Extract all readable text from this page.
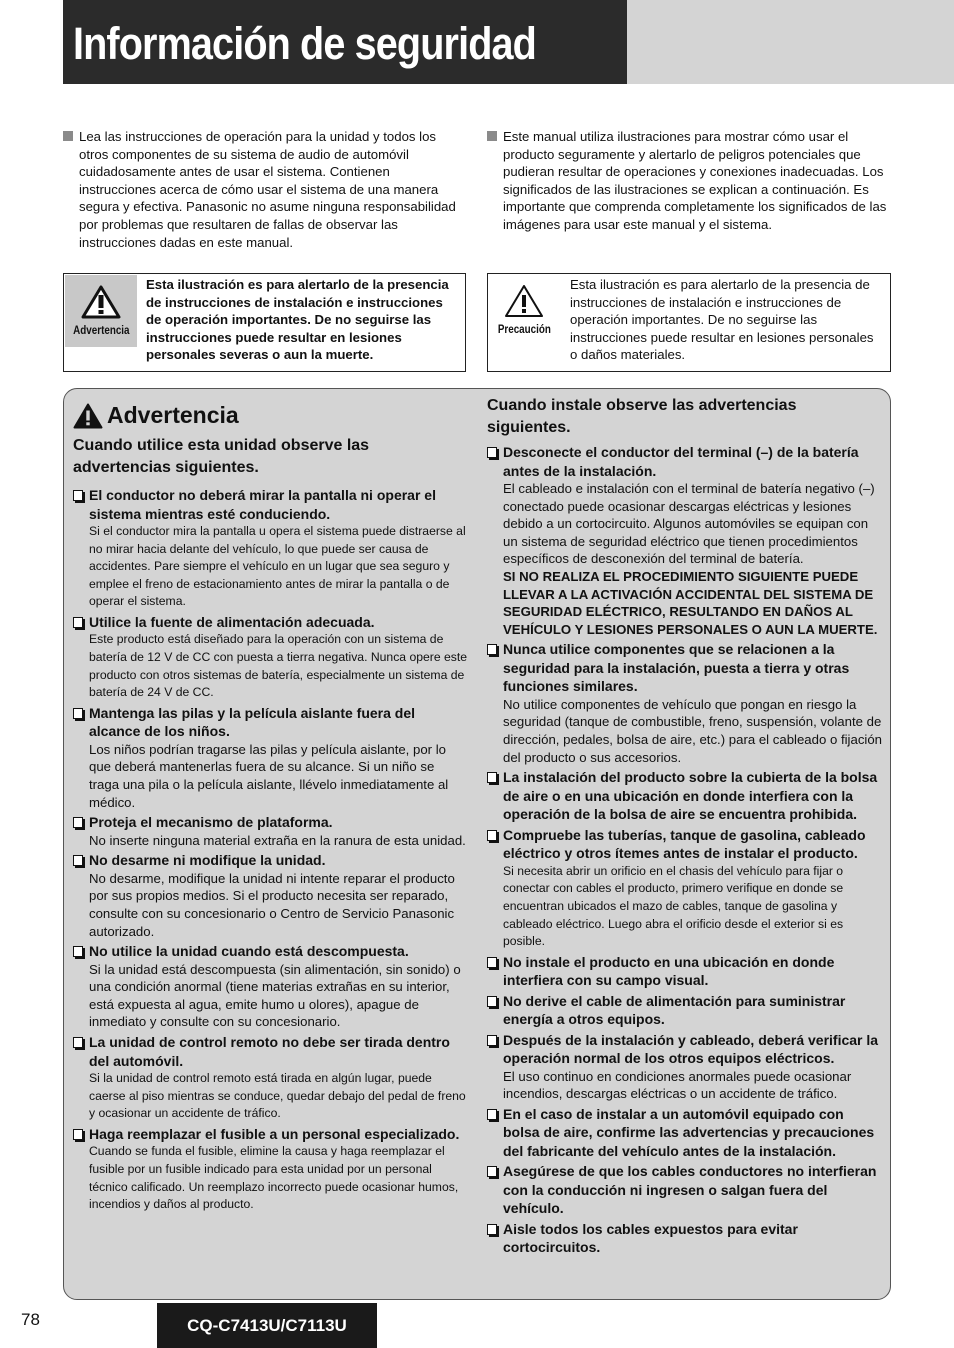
Información de seguridad

Lea las instrucciones de operación para la unidad y todos los otros componentes de su sistema de audio de automóvil cuidadosamente antes de usar el sistema. Contienen instrucciones acerca de cómo usar el sistema de una manera segura y efectiva. Panasonic no asume ninguna responsabilidad por problemas que resultaren de fallas de observar las instrucciones dadas en este manual.

Este manual utiliza ilustraciones para mostrar cómo usar el producto seguramente y alertarlo de peligros potenciales que pudieran resultar de operaciones y conexiones inadecuadas. Los significados de las ilustraciones se explican a continuación. Es importante que comprenda completamente los significados de las imágenes para usar este manual y el sistema.

Advertencia
Esta ilustración es para alertarlo de la presencia de instrucciones de instalación e instrucciones de operación importantes. De no seguirse las instrucciones puede resultar en lesiones personales severas o aun la muerte.
Precaución
Esta ilustración es para alertarlo de la presencia de instrucciones de instalación e instrucciones de operación importantes. De no seguirse las instrucciones puede resultar en lesiones personales o daños materiales.
Advertencia
Cuando utilice esta unidad observe las advertencias siguientes.
El conductor no deberá mirar la pantalla ni operar el sistema mientras esté conduciendo.
Si el conductor mira la pantalla u opera el sistema puede distraerse al no mirar hacia delante del vehículo, lo que puede ser causa de accidentes. Pare siempre el vehículo en un lugar que sea seguro y emplee el freno de estacionamiento antes de mirar la pantalla o de operar el sistema.
Utilice la fuente de alimentación adecuada.
Este producto está diseñado para la operación con un sistema de batería de 12 V de CC con puesta a tierra negativa. Nunca opere este producto con otros sistemas de batería, especialmente un sistema de batería de 24 V de CC.
Mantenga las pilas y la película aislante fuera del alcance de los niños.
Los niños podrían tragarse las pilas y película aislante, por lo que deberá mantenerlas fuera de su alcance. Si un niño se traga una pila o la película aislante, llévelo inmediatamente al médico.
Proteja el mecanismo de plataforma.
No inserte ninguna material extraña en la ranura de esta unidad.
No desarme ni modifique la unidad.
No desarme, modifique la unidad ni intente reparar el producto por sus propios medios. Si el producto necesita ser reparado, consulte con su concesionario o Centro de Servicio Panasonic autorizado.
No utilice la unidad cuando está descompuesta.
Si la unidad está descompuesta (sin alimentación, sin sonido) o una condición anormal (tiene materias extrañas en su interior, está expuesta al agua, emite humo u olores), apague de inmediato y consulte con su concesionario.
La unidad de control remoto no debe ser tirada dentro del automóvil.
Si la unidad de control remoto está tirada en algún lugar, puede caerse al piso mientras se conduce, quedar debajo del pedal de freno y ocasionar un accidente de tráfico.
Haga reemplazar el fusible a un personal especializado.
Cuando se funda el fusible, elimine la causa y haga reemplazar el fusible por un fusible indicado para esta unidad por un personal técnico calificado. Un reemplazo incorrecto puede ocasionar humos, incendios y daños al producto.
Cuando instale observe las advertencias siguientes.
Desconecte el conductor del terminal (–) de la batería antes de la instalación.
El cableado e instalación con el terminal de batería negativo (–) conectado puede ocasionar descargas eléctricas y lesiones debido a un cortocircuito. Algunos automóviles se equipan con un sistema de seguridad eléctrico que tienen procedimientos específicos de desconexión del terminal de batería.
SI NO REALIZA EL PROCEDIMIENTO SIGUIENTE PUEDE LLEVAR A LA ACTIVACIÓN ACCIDENTAL DEL SISTEMA DE SEGURIDAD ELÉCTRICO, RESULTANDO EN DAÑOS AL VEHÍCULO Y LESIONES PERSONALES O AUN LA MUERTE.
Nunca utilice componentes que se relacionen a la seguridad para la instalación, puesta a tierra y otras funciones similares.
No utilice componentes de vehículo que pongan en riesgo la seguridad (tanque de combustible, freno, suspensión, volante de dirección, pedales, bolsa de aire, etc.) para el cableado o fijación del producto o sus accesorios.
La instalación del producto sobre la cubierta de la bolsa de aire o en una ubicación en donde interfiera con la operación de la bolsa de aire se encuentra prohibida.
Compruebe las tuberías, tanque de gasolina, cableado eléctrico y otros ítemes antes de instalar el producto.
Si necesita abrir un orificio en el chasis del vehículo para fijar o conectar con cables el producto, primero verifique en donde se encuentran ubicados el mazo de cables, tanque de gasolina y cableado eléctrico. Luego abra el orificio desde el exterior si es posible.
No instale el producto en una ubicación en donde interfiera con su campo visual.
No derive el cable de alimentación para suministrar energía a otros equipos.
Después de la instalación y cableado, deberá verificar la operación normal de los otros equipos eléctricos.
El uso continuo en condiciones anormales puede ocasionar incendios, descargas eléctricas o un accidente de tráfico.
En el caso de instalar a un automóvil equipado con bolsa de aire, confirme las advertencias y precauciones del fabricante del vehículo antes de la instalación.
Asegúrese de que los cables conductores no interfieran con la conducción ni ingresen o salgan fuera del vehículo.
Aisle todos los cables expuestos para evitar cortocircuitos.
78	CQ-C7413U/C7113U
